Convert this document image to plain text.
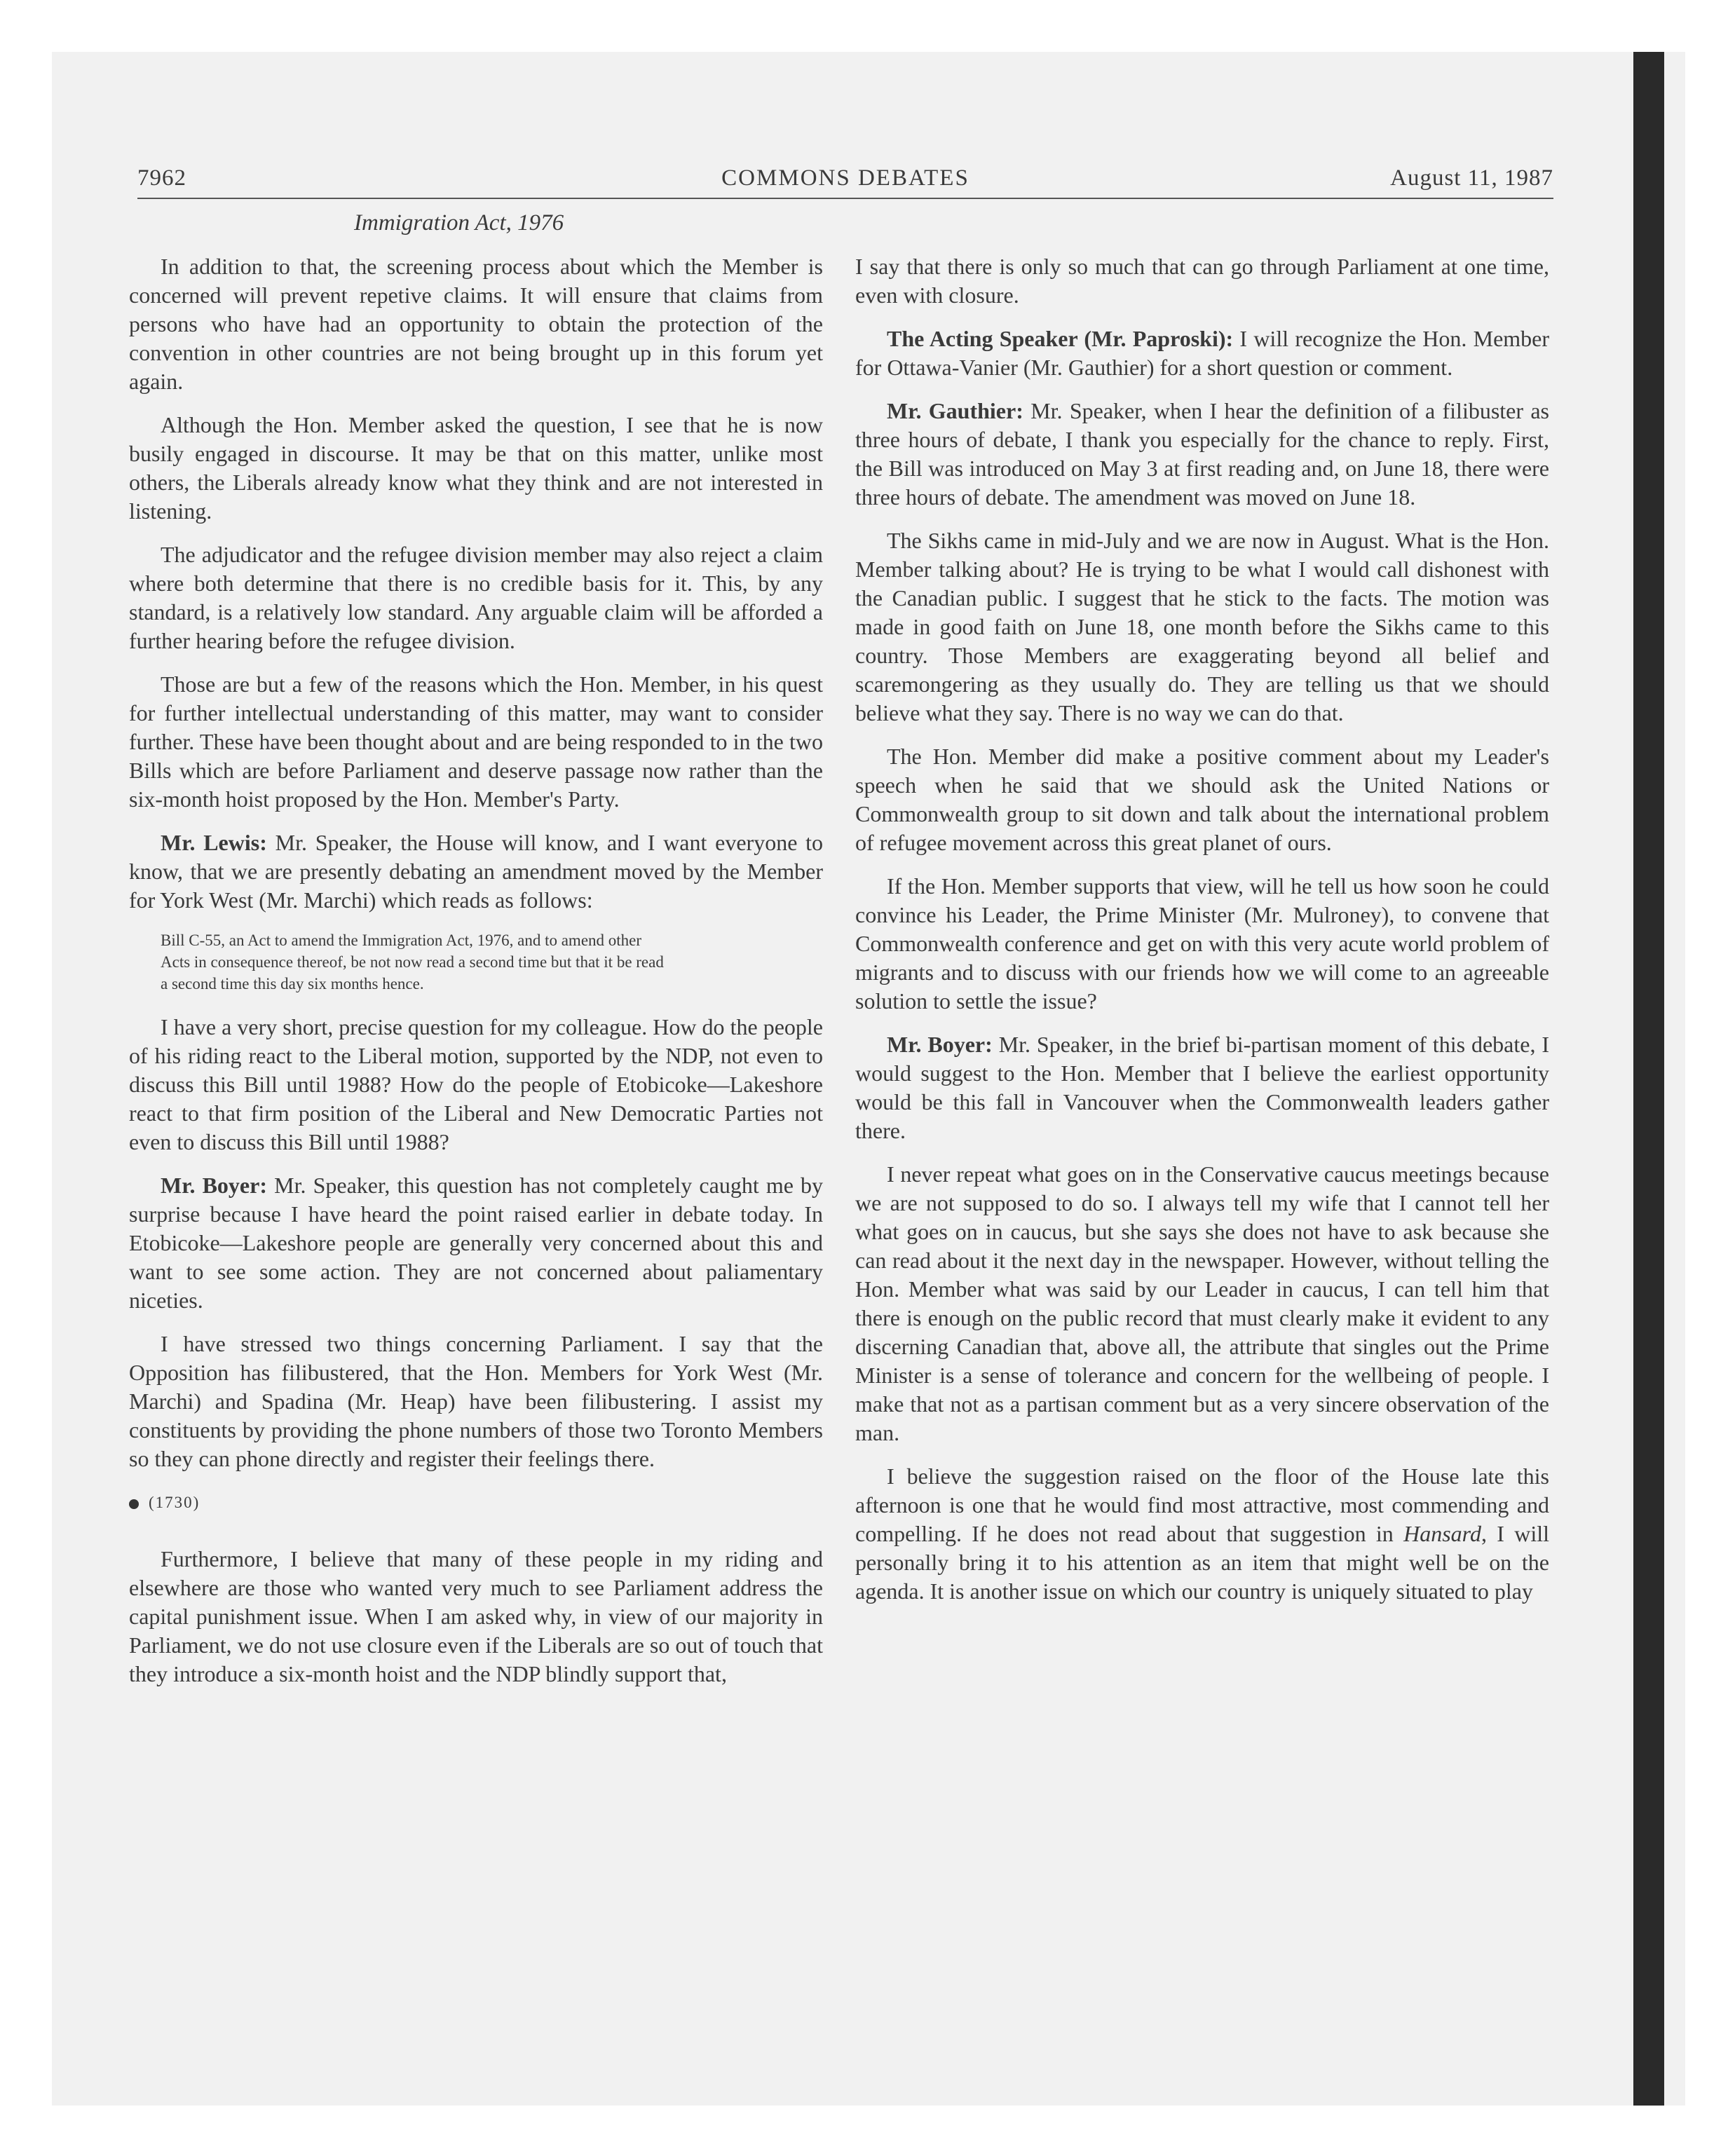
7962	COMMONS DEBATES	August 11, 1987
Immigration Act, 1976

In addition to that, the screening process about which the Member is concerned will prevent repetive claims. It will ensure that claims from persons who have had an opportunity to obtain the protection of the convention in other countries are not being brought up in this forum yet again.

Although the Hon. Member asked the question, I see that he is now busily engaged in discourse. It may be that on this matter, unlike most others, the Liberals already know what they think and are not interested in listening.

The adjudicator and the refugee division member may also reject a claim where both determine that there is no credible basis for it. This, by any standard, is a relatively low standard. Any arguable claim will be afforded a further hearing before the refugee division.

Those are but a few of the reasons which the Hon. Member, in his quest for further intellectual understanding of this matter, may want to consider further. These have been thought about and are being responded to in the two Bills which are before Parliament and deserve passage now rather than the six-month hoist proposed by the Hon. Member's Party.

Mr. Lewis: Mr. Speaker, the House will know, and I want everyone to know, that we are presently debating an amendment moved by the Member for York West (Mr. Marchi) which reads as follows:

Bill C-55, an Act to amend the Immigration Act, 1976, and to amend other
Acts in consequence thereof, be not now read a second time but that it be read
a second time this day six months hence.

I have a very short, precise question for my colleague. How do the people of his riding react to the Liberal motion, supported by the NDP, not even to discuss this Bill until 1988? How do the people of Etobicoke—Lakeshore react to that firm position of the Liberal and New Democratic Parties not even to discuss this Bill until 1988?

Mr. Boyer: Mr. Speaker, this question has not completely caught me by surprise because I have heard the point raised earlier in debate today. In Etobicoke—Lakeshore people are generally very concerned about this and want to see some action. They are not concerned about paliamentary niceties.

I have stressed two things concerning Parliament. I say that the Opposition has filibustered, that the Hon. Members for York West (Mr. Marchi) and Spadina (Mr. Heap) have been filibustering. I assist my constituents by providing the phone numbers of those two Toronto Members so they can phone directly and register their feelings there.

(1730)

Furthermore, I believe that many of these people in my riding and elsewhere are those who wanted very much to see Parliament address the capital punishment issue. When I am asked why, in view of our majority in Parliament, we do not use closure even if the Liberals are so out of touch that they introduce a six-month hoist and the NDP blindly support that,

I say that there is only so much that can go through Parliament at one time, even with closure.

The Acting Speaker (Mr. Paproski): I will recognize the Hon. Member for Ottawa-Vanier (Mr. Gauthier) for a short question or comment.

Mr. Gauthier: Mr. Speaker, when I hear the definition of a filibuster as three hours of debate, I thank you especially for the chance to reply. First, the Bill was introduced on May 3 at first reading and, on June 18, there were three hours of debate. The amendment was moved on June 18.

The Sikhs came in mid-July and we are now in August. What is the Hon. Member talking about? He is trying to be what I would call dishonest with the Canadian public. I suggest that he stick to the facts. The motion was made in good faith on June 18, one month before the Sikhs came to this country. Those Members are exaggerating beyond all belief and scaremongering as they usually do. They are telling us that we should believe what they say. There is no way we can do that.

The Hon. Member did make a positive comment about my Leader's speech when he said that we should ask the United Nations or Commonwealth group to sit down and talk about the international problem of refugee movement across this great planet of ours.

If the Hon. Member supports that view, will he tell us how soon he could convince his Leader, the Prime Minister (Mr. Mulroney), to convene that Commonwealth conference and get on with this very acute world problem of migrants and to discuss with our friends how we will come to an agreeable solution to settle the issue?

Mr. Boyer: Mr. Speaker, in the brief bi-partisan moment of this debate, I would suggest to the Hon. Member that I believe the earliest opportunity would be this fall in Vancouver when the Commonwealth leaders gather there.

I never repeat what goes on in the Conservative caucus meetings because we are not supposed to do so. I always tell my wife that I cannot tell her what goes on in caucus, but she says she does not have to ask because she can read about it the next day in the newspaper. However, without telling the Hon. Member what was said by our Leader in caucus, I can tell him that there is enough on the public record that must clearly make it evident to any discerning Canadian that, above all, the attribute that singles out the Prime Minister is a sense of tolerance and concern for the wellbeing of people. I make that not as a partisan comment but as a very sincere observation of the man.

I believe the suggestion raised on the floor of the House late this afternoon is one that he would find most attractive, most commending and compelling. If he does not read about that suggestion in Hansard, I will personally bring it to his attention as an item that might well be on the agenda. It is another issue on which our country is uniquely situated to play
